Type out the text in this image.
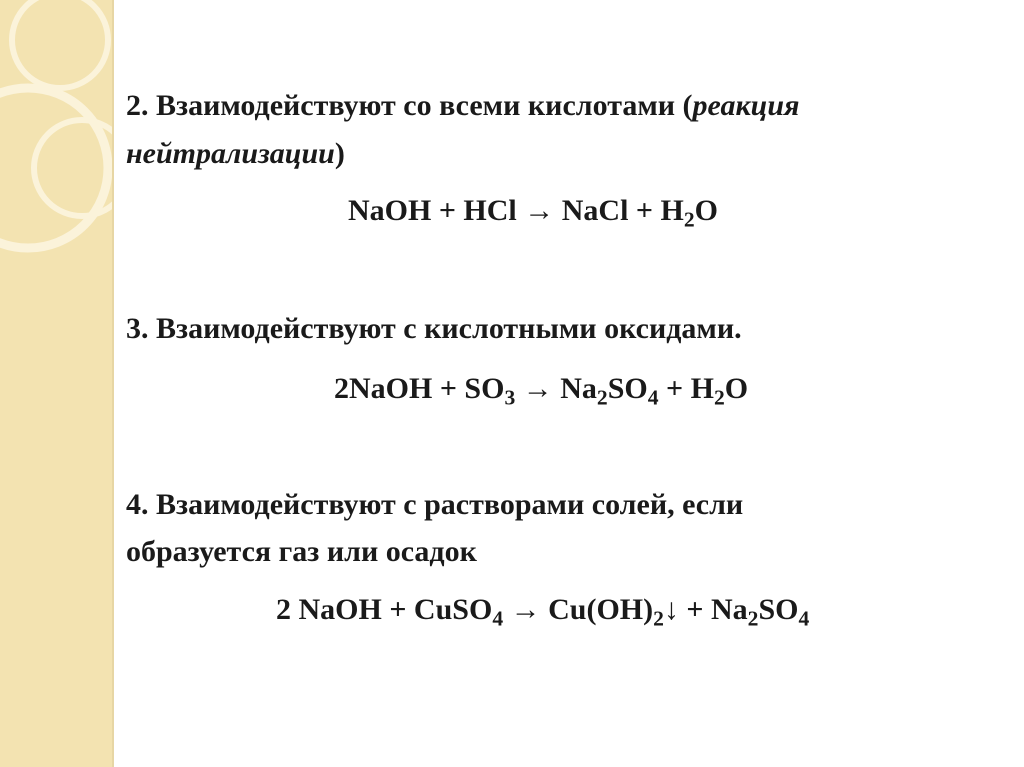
2. Взаимодействуют со всеми кислотами (реакция

нейтрализации)

NaOH + HCl → NaCl + $H_2O$

3. Взаимодействуют с кислотными оксидами.

2NaOH + $SO_3 \to Na_2SO_4 + H_2O$

4. Взаимодействуют с растворами солей, если

образуется газ или осадок

2 NaOH + CuSO$_4$ → $Cu(OH)_2↓ + Na_2SO_4$
